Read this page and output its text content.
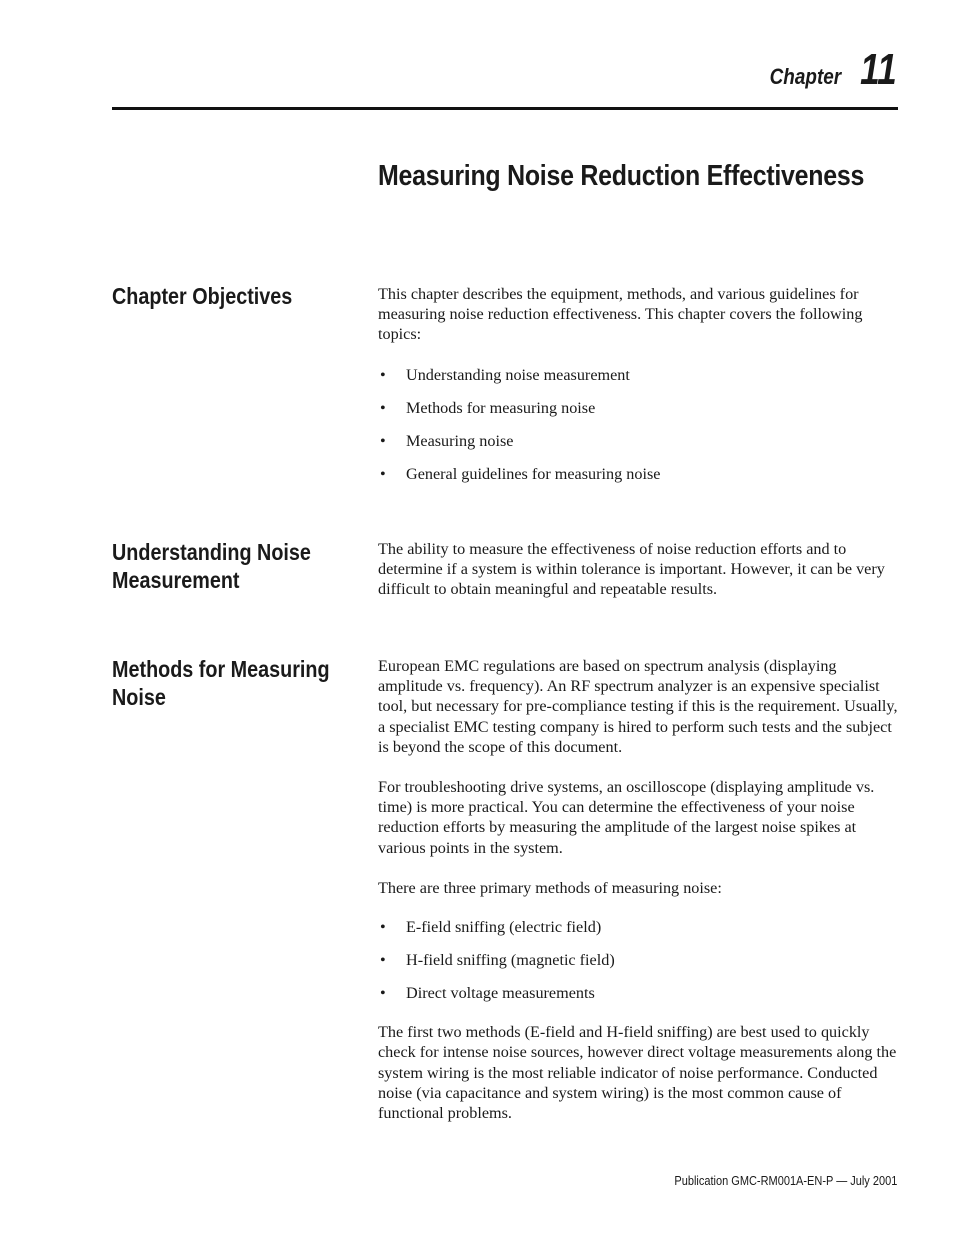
Chapter 11
Measuring Noise Reduction Effectiveness
Chapter Objectives	This chapter describes the equipment, methods, and various guidelines for measuring noise reduction effectiveness. This chapter covers the following topics:

• Understanding noise measurement
• Methods for measuring noise
• Measuring noise
• General guidelines for measuring noise
Understanding Noise
Measurement

The ability to measure the effectiveness of noise reduction efforts and to determine if a system is within tolerance is important. However, it can be very difficult to obtain meaningful and repeatable results.

Methods for Measuring
Noise

European EMC regulations are based on spectrum analysis (displaying amplitude vs. frequency). An RF spectrum analyzer is an expensive specialist tool, but necessary for pre-compliance testing if this is the requirement. Usually, a specialist EMC testing company is hired to perform such tests and the subject is beyond the scope of this document.

For troubleshooting drive systems, an oscilloscope (displaying amplitude vs. time) is more practical. You can determine the effectiveness of your noise reduction efforts by measuring the amplitude of the largest noise spikes at various points in the system.

There are three primary methods of measuring noise:

• E-field sniffing (electric field)
• H-field sniffing (magnetic field)
• Direct voltage measurements

The first two methods (E-field and H-field sniffing) are best used to quickly check for intense noise sources, however direct voltage measurements along the system wiring is the most reliable indicator of noise performance. Conducted noise (via capacitance and system wiring) is the most common cause of functional problems.

Publication GMC-RM001A-EN-P — July 2001
